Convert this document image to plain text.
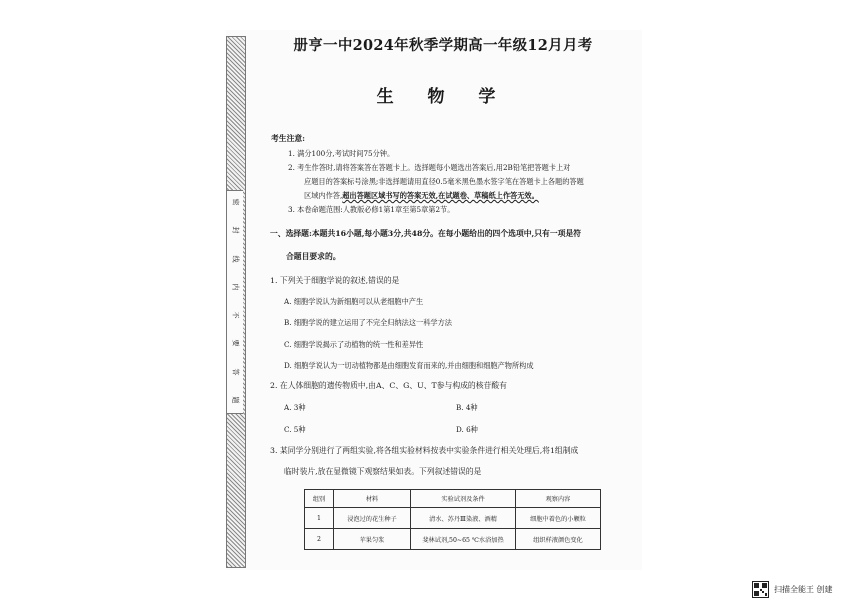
密
封
线
内
不
要
答
题
册亨一中2024年秋季学期高一年级12月月考
生 物 学
考生注意:
1. 满分100分,考试时间75分钟。
2. 考生作答时,请将答案答在答题卡上。选择题每小题选出答案后,用2B铅笔把答题卡上对
应题目的答案标号涂黑;非选择题请用直径0.5毫米黑色墨水签字笔在答题卡上各题的答题
区域内作答,超出答题区域书写的答案无效,在试题卷、草稿纸上作答无效。
3. 本卷命题范围:人教版必修1第1章至第5章第2节。
一、选择题:本题共16小题,每小题3分,共48分。在每小题给出的四个选项中,只有一项是符
合题目要求的。
1. 下列关于细胞学说的叙述,错误的是
A. 细胞学说认为新细胞可以从老细胞中产生
B. 细胞学说的建立运用了不完全归纳法这一科学方法
C. 细胞学说揭示了动植物的统一性和差异性
D. 细胞学说认为一切动植物都是由细胞发育而来的,并由细胞和细胞产物所构成
2. 在人体细胞的遗传物质中,由A、C、G、U、T参与构成的核苷酸有
A. 3种	B. 4种
C. 5种	D. 6种
3. 某同学分别进行了两组实验,将各组实验材料按表中实验条件进行相关处理后,将1组制成
临时装片,放在显微镜下观察结果如表。下列叙述错误的是
组别	材料	实验试剂及条件	观察内容
1	浸泡过的花生种子	清水、苏丹Ⅲ染液、酒精	细胞中着色的小颗粒
2	苹果匀浆	斐林试剂,50~65 ℃水浴加热	组织样液颜色变化
扫描全能王 创建
